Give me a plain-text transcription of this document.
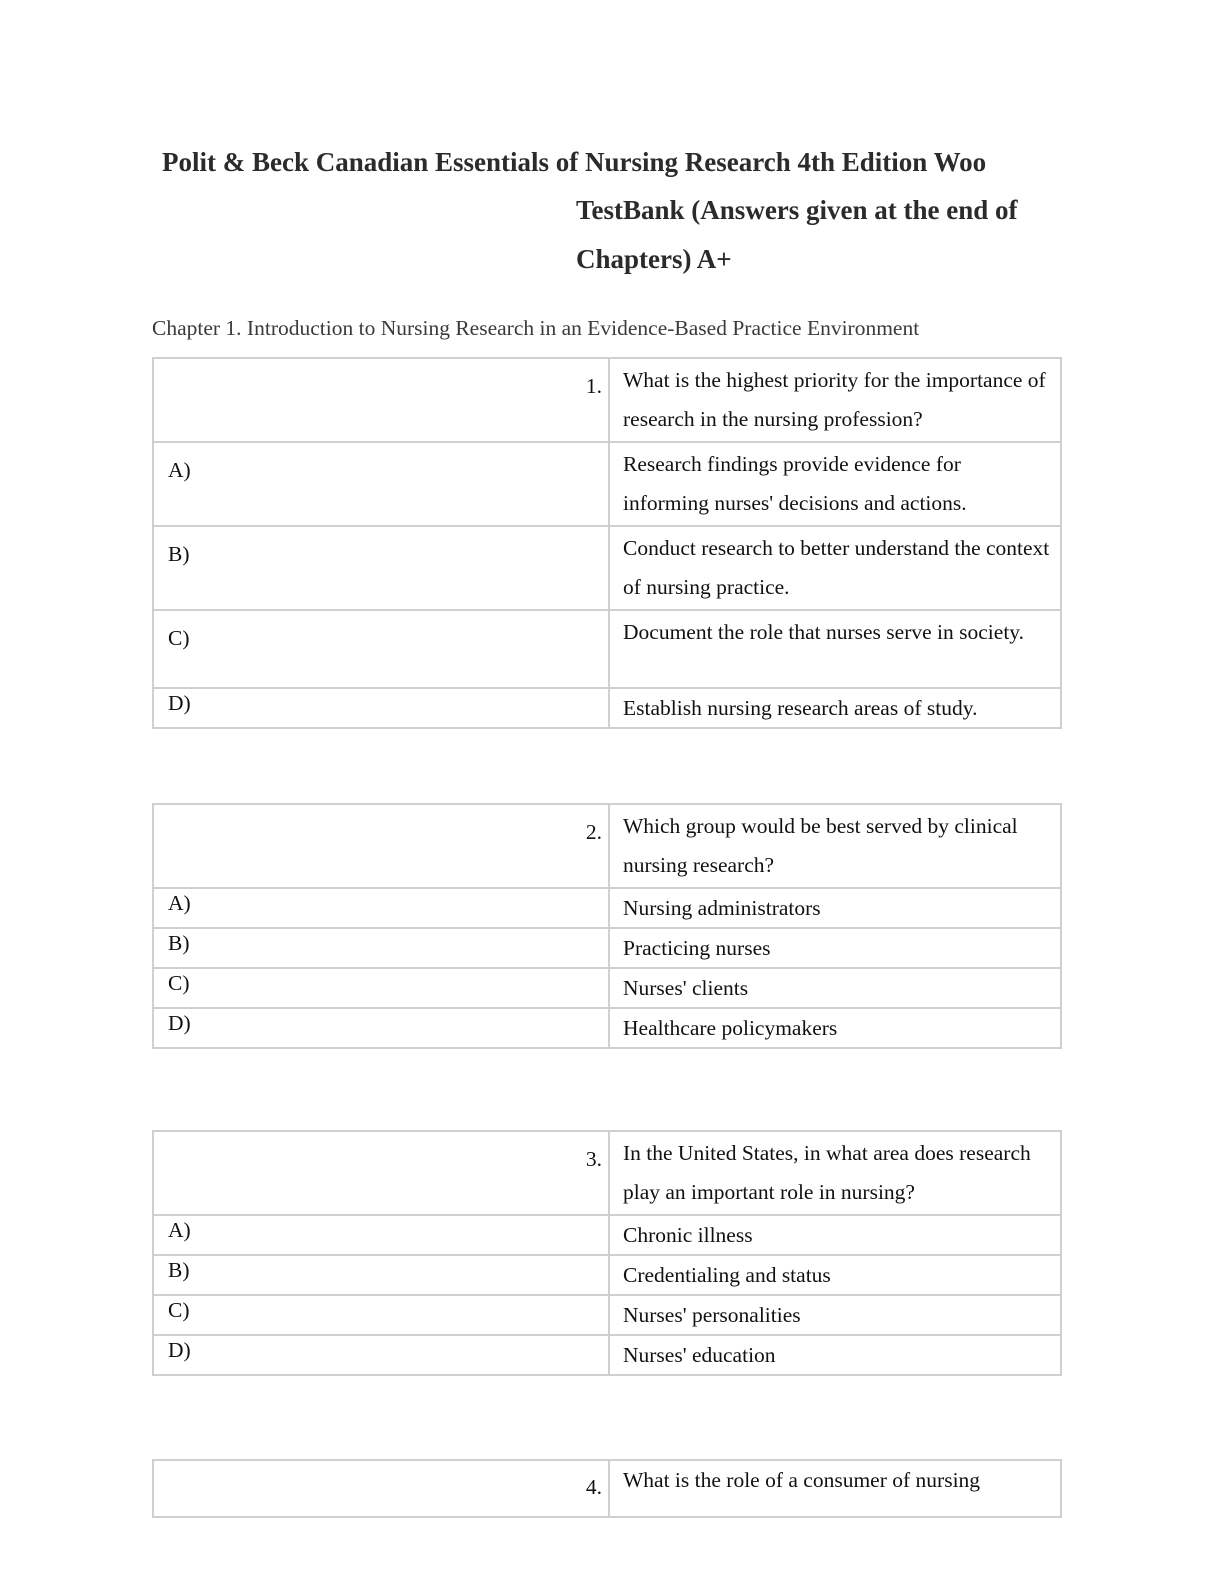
Polit & Beck Canadian Essentials of Nursing Research 4th Edition Woo
TestBank (Answers given at the end of
Chapters) A+
Chapter 1. Introduction to Nursing Research in an Evidence-Based Practice Environment
1.	What is the highest priority for the importance of research in the nursing profession?

A)	Research findings provide evidence for informing nurses' decisions and actions.

B)	Conduct research to better understand the context of nursing practice.

C)	Document the role that nurses serve in society.

D)	Establish nursing research areas of study.
2.	Which group would be best served by clinical nursing research?

A)	Nursing administrators

B)	Practicing nurses

C)	Nurses' clients

D)	Healthcare policymakers
3.	In the United States, in what area does research play an important role in nursing?

A)	Chronic illness

B)	Credentialing and status

C)	Nurses' personalities

D)	Nurses' education
4.	What is the role of a consumer of nursing
